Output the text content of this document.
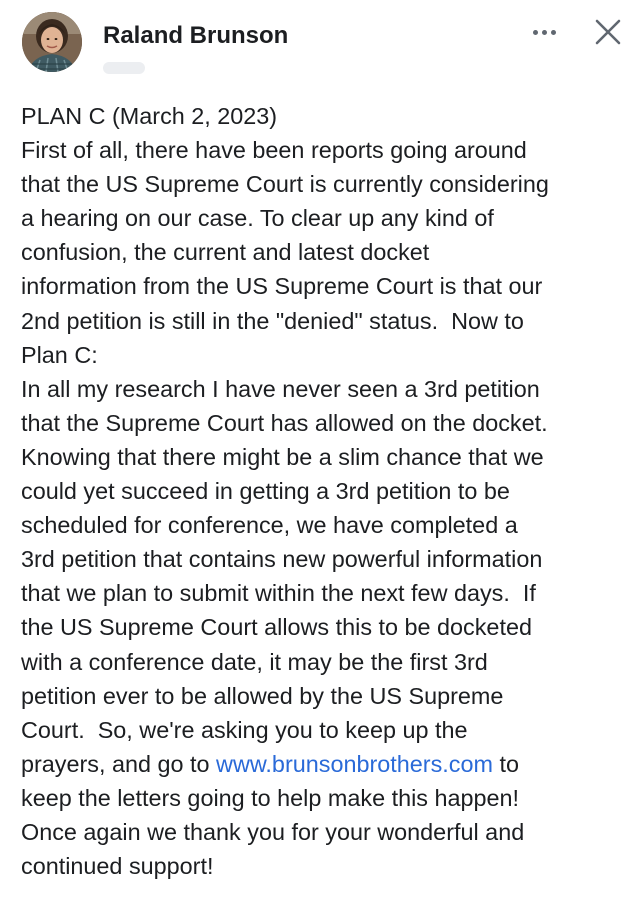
Raland Brunson
PLAN C (March 2, 2023)
First of all, there have been reports going around
that the US Supreme Court is currently considering
a hearing on our case. To clear up any kind of
confusion, the current and latest docket
information from the US Supreme Court is that our
2nd petition is still in the "denied" status.  Now to
Plan C:
In all my research I have never seen a 3rd petition
that the Supreme Court has allowed on the docket.
Knowing that there might be a slim chance that we
could yet succeed in getting a 3rd petition to be
scheduled for conference, we have completed a
3rd petition that contains new powerful information
that we plan to submit within the next few days.  If
the US Supreme Court allows this to be docketed
with a conference date, it may be the first 3rd
petition ever to be allowed by the US Supreme
Court.  So, we're asking you to keep up the
prayers, and go to www.brunsonbrothers.com to
keep the letters going to help make this happen!
Once again we thank you for your wonderful and
continued support!
